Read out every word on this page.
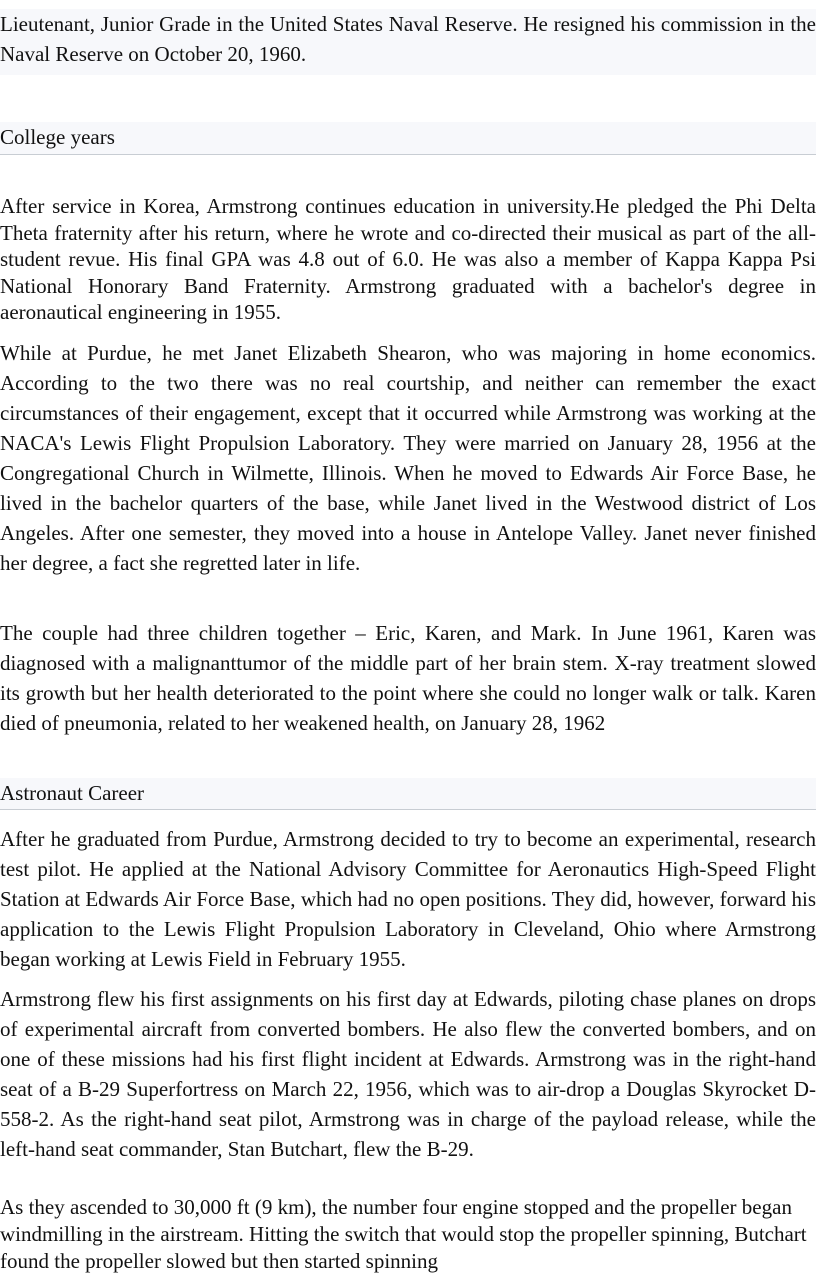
Lieutenant, Junior Grade in the United States Naval Reserve. He resigned his commission in the Naval Reserve on October 20, 1960.

College years

After service in Korea, Armstrong continues education in university.He pledged the Phi Delta Theta fraternity after his return, where he wrote and co-directed their musical as part of the all-student revue. His final GPA was 4.8 out of 6.0. He was also a member of Kappa Kappa Psi National Honorary Band Fraternity. Armstrong graduated with a bachelor's degree in aeronautical engineering in 1955.

While at Purdue, he met Janet Elizabeth Shearon, who was majoring in home economics. According to the two there was no real courtship, and neither can remember the exact circumstances of their engagement, except that it occurred while Armstrong was working at the NACA's Lewis Flight Propulsion Laboratory. They were married on January 28, 1956 at the Congregational Church in Wilmette, Illinois. When he moved to Edwards Air Force Base, he lived in the bachelor quarters of the base, while Janet lived in the Westwood district of Los Angeles. After one semester, they moved into a house in Antelope Valley. Janet never finished her degree, a fact she regretted later in life.

The couple had three children together – Eric, Karen, and Mark. In June 1961, Karen was diagnosed with a malignanttumor of the middle part of her brain stem. X-ray treatment slowed its growth but her health deteriorated to the point where she could no longer walk or talk. Karen died of pneumonia, related to her weakened health, on January 28, 1962

Astronaut Career

After he graduated from Purdue, Armstrong decided to try to become an experimental, research test pilot. He applied at the National Advisory Committee for Aeronautics High-Speed Flight Station at Edwards Air Force Base, which had no open positions. They did, however, forward his application to the Lewis Flight Propulsion Laboratory in Cleveland, Ohio where Armstrong began working at Lewis Field in February 1955.

Armstrong flew his first assignments on his first day at Edwards, piloting chase planes on drops of experimental aircraft from converted bombers. He also flew the converted bombers, and on one of these missions had his first flight incident at Edwards. Armstrong was in the right-hand seat of a B-29 Superfortress on March 22, 1956, which was to air-drop a Douglas Skyrocket D-558-2. As the right-hand seat pilot, Armstrong was in charge of the payload release, while the left-hand seat commander, Stan Butchart, flew the B-29.

As they ascended to 30,000 ft (9 km), the number four engine stopped and the propeller began windmilling in the airstream. Hitting the switch that would stop the propeller spinning, Butchart found the propeller slowed but then started spinning
